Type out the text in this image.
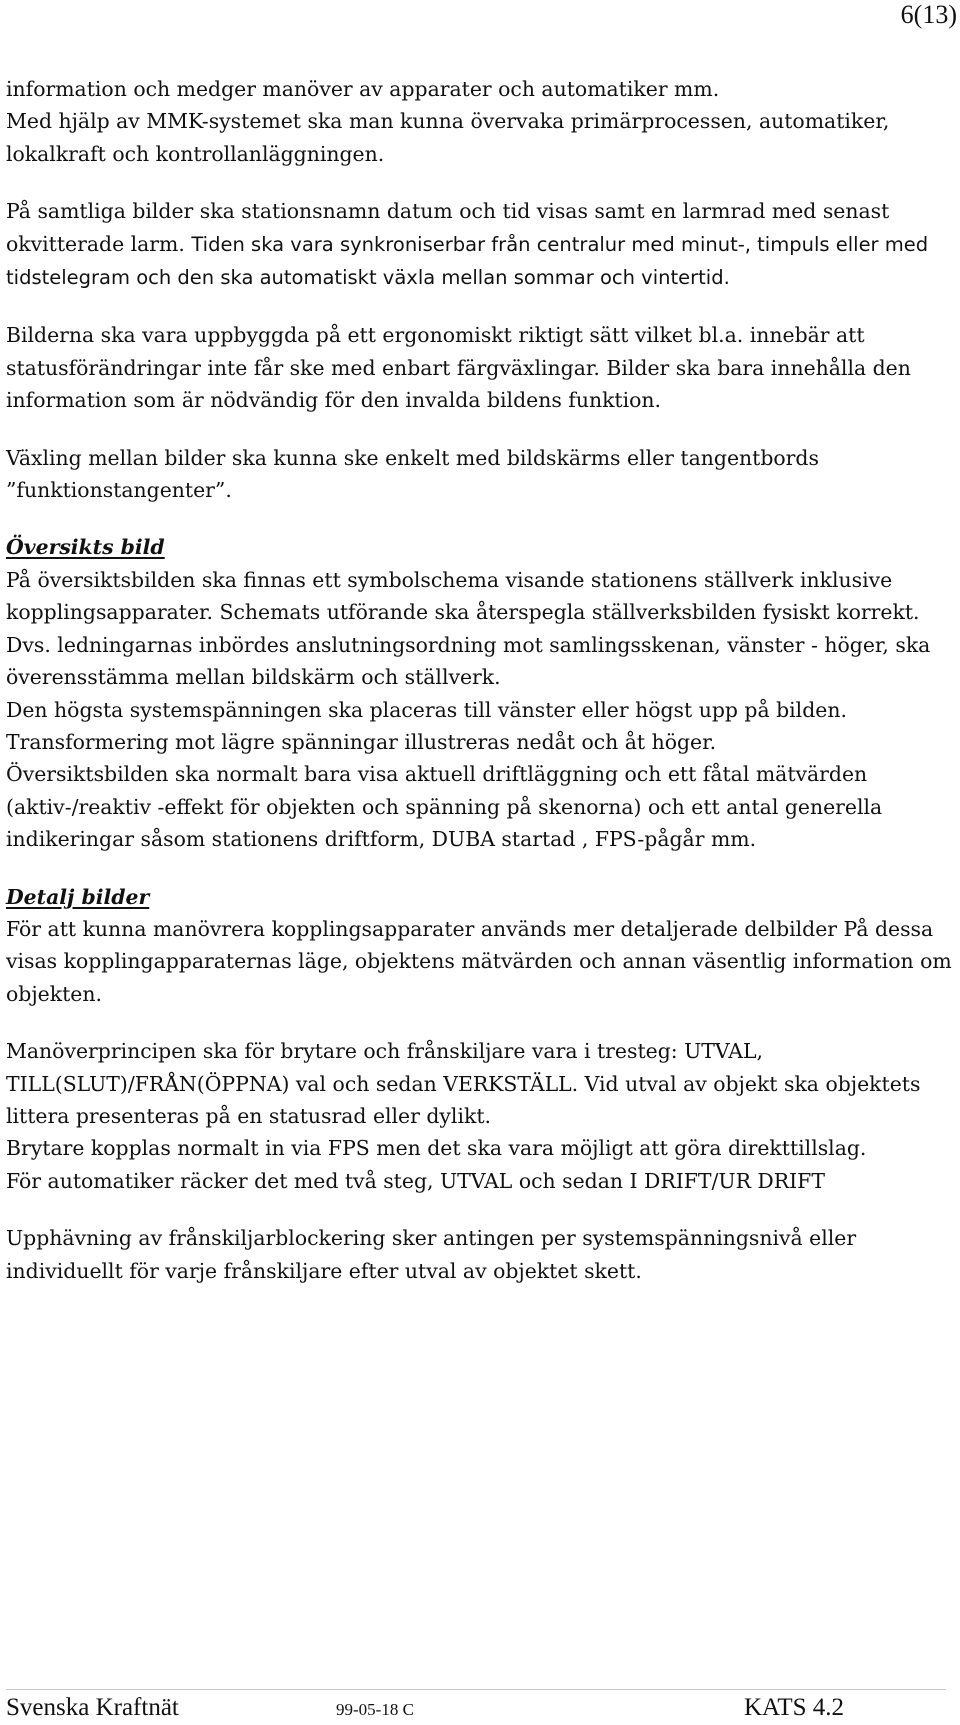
6(13)

information och medger manöver av apparater och automatiker mm.

Med hjälp av MMK-systemet ska man kunna övervaka primärprocessen, automatiker, lokalkraft och kontrollanläggningen.

På samtliga bilder ska stationsnamn datum och tid visas samt en larmrad med senast okvitterade larm. Tiden ska vara synkroniserbar från centralur med minut-, timpuls eller med tidstelegram och den ska automatiskt växla mellan sommar och vintertid.

Bilderna ska vara uppbyggda på ett ergonomiskt riktigt sätt vilket bl.a. innebär att statusförändringar inte får ske med enbart färgväxlingar. Bilder ska bara innehålla den information som är nödvändig för den invalda bildens funktion.

Växling mellan bilder ska kunna ske enkelt med bildskärms eller tangentbords ”funktionstangenter”.

Översikts bild

På översiktsbilden ska finnas ett symbolschema visande stationens ställverk inklusive kopplingsapparater. Schemats utförande ska återspegla ställverksbilden fysiskt korrekt. Dvs. ledningarnas inbördes anslutningsordning mot samlingsskenan, vänster - höger, ska överensstämma mellan bildskärm och ställverk.

Den högsta systemspänningen ska placeras till vänster eller högst upp på bilden. Transformering mot lägre spänningar illustreras nedåt och åt höger.

Översiktsbilden ska normalt bara visa aktuell driftläggning och ett fåtal mätvärden (aktiv-/reaktiv -effekt för objekten och spänning på skenorna) och ett antal generella indikeringar såsom stationens driftform, DUBA startad , FPS-pågår mm.

Detalj bilder

För att kunna manövrera kopplingsapparater används mer detaljerade delbilder På dessa visas kopplingapparaternas läge, objektens mätvärden och annan väsentlig information om objekten.

Manöverprincipen ska för brytare och frånskiljare vara i tresteg: UTVAL, TILL(SLUT)/FRÅN(ÖPPNA) val och sedan VERKSTÄLL. Vid utval av objekt ska objektets littera presenteras på en statusrad eller dylikt.

Brytare kopplas normalt in via FPS men det ska vara möjligt att göra direkttillslag.

För automatiker räcker det med två steg, UTVAL och sedan I DRIFT/UR DRIFT

Upphävning av frånskiljarblockering sker antingen per systemspänningsnivå eller individuellt för varje frånskiljare efter utval av objektet skett.

Svenska Kraftnät	99-05-18 C	KATS 4.2
